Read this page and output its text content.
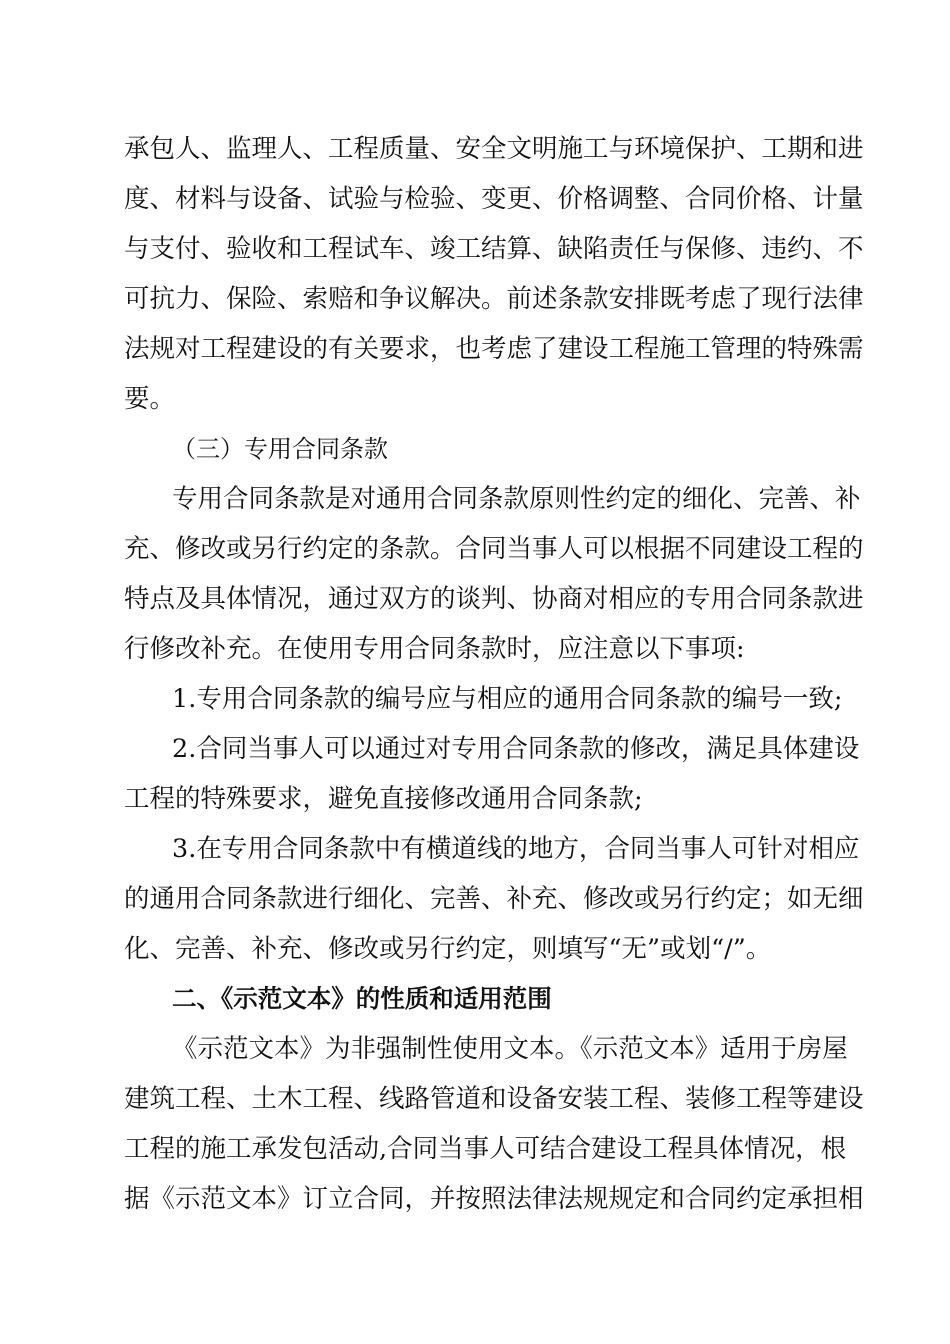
承包人、监理人、工程质量、安全文明施工与环境保护、工期和进
度、材料与设备、试验与检验、变更、价格调整、合同价格、计量
与支付、验收和工程试车、竣工结算、缺陷责任与保修、违约、不
可抗力、保险、索赔和争议解决。前述条款安排既考虑了现行法律
法规对工程建设的有关要求，也考虑了建设工程施工管理的特殊需
要。
（三）专用合同条款
专用合同条款是对通用合同条款原则性约定的细化、完善、补
充、修改或另行约定的条款。合同当事人可以根据不同建设工程的
特点及具体情况，通过双方的谈判、协商对相应的专用合同条款进
行修改补充。在使用专用合同条款时，应注意以下事项:
1.专用合同条款的编号应与相应的通用合同条款的编号一致;
2.合同当事人可以通过对专用合同条款的修改，满足具体建设
工程的特殊要求，避免直接修改通用合同条款;
3.在专用合同条款中有横道线的地方，合同当事人可针对相应
的通用合同条款进行细化、完善、补充、修改或另行约定；如无细
化、完善、补充、修改或另行约定，则填写“无”或划“/”。
二、《示范文本》的性质和适用范围
《示范文本》为非强制性使用文本。《示范文本》适用于房屋
建筑工程、土木工程、线路管道和设备安装工程、装修工程等建设
工程的施工承发包活动,合同当事人可结合建设工程具体情况，根
据《示范文本》订立合同，并按照法律法规规定和合同约定承担相
